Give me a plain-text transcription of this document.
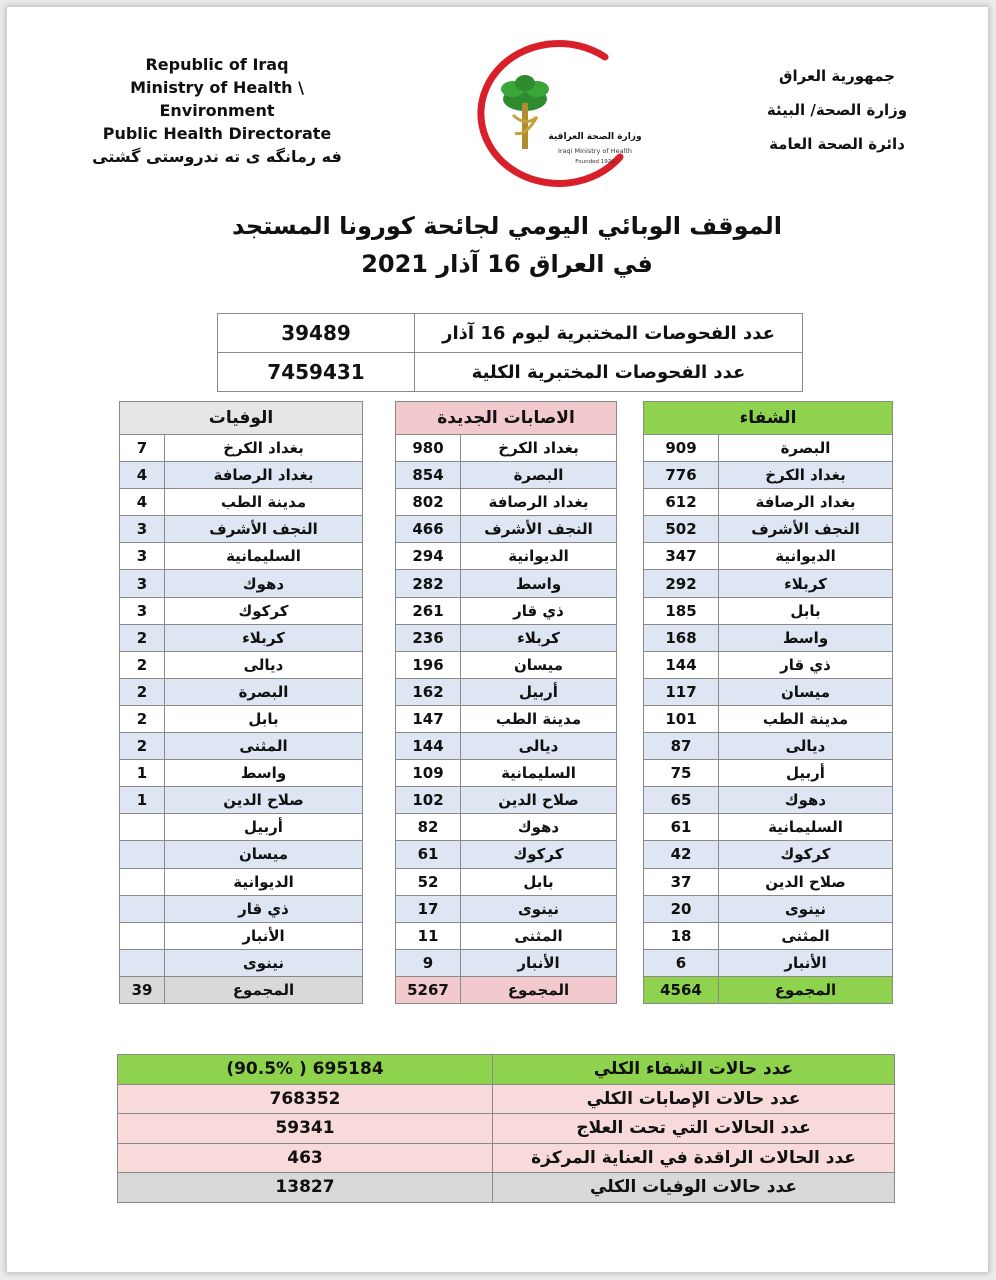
Republic of Iraq
Ministry of Health \ Environment
Public Health Directorate
فه رمانگه ى ته ندروستى گشتى
جمهورية العراق
وزارة الصحة/ البيئة
دائرة الصحة العامة
وزارة الصحة العراقية
Iraqi Ministry of Health
Founded 1920
الموقف الوبائي اليومي لجائحة كورونا المستجد
في العراق 16 آذار 2021
39489	عدد الفحوصات المختبرية ليوم 16 آذار
7459431	عدد الفحوصات المختبرية الكلية
الوفيات	
7	بغداد الكرخ
4	بغداد الرصافة
4	مدينة الطب
3	النجف الأشرف
3	السليمانية
3	دهوك
3	كركوك
2	كربلاء
2	ديالى
2	البصرة
2	بابل
2	المثنى
1	واسط
1	صلاح الدين
	أربيل
	ميسان
	الديوانية
	ذي قار
	الأنبار
	نينوى
39	المجموع
الاصابات الجديدة	
980	بغداد الكرخ
854	البصرة
802	بغداد الرصافة
466	النجف الأشرف
294	الديوانية
282	واسط
261	ذي قار
236	كربلاء
196	ميسان
162	أربيل
147	مدينة الطب
144	ديالى
109	السليمانية
102	صلاح الدين
82	دهوك
61	كركوك
52	بابل
17	نينوى
11	المثنى
9	الأنبار
5267	المجموع
الشفاء	
909	البصرة
776	بغداد الكرخ
612	بغداد الرصافة
502	النجف الأشرف
347	الديوانية
292	كربلاء
185	بابل
168	واسط
144	ذي قار
117	ميسان
101	مدينة الطب
87	ديالى
75	أربيل
65	دهوك
61	السليمانية
42	كركوك
37	صلاح الدين
20	نينوى
18	المثنى
6	الأنبار
4564	المجموع
(90.5% ) 695184	عدد حالات الشفاء الكلي
768352	عدد حالات الإصابات الكلي
59341	عدد الحالات التي تحت العلاج
463	عدد الحالات الراقدة في العناية المركزة
13827	عدد حالات الوفيات الكلي
